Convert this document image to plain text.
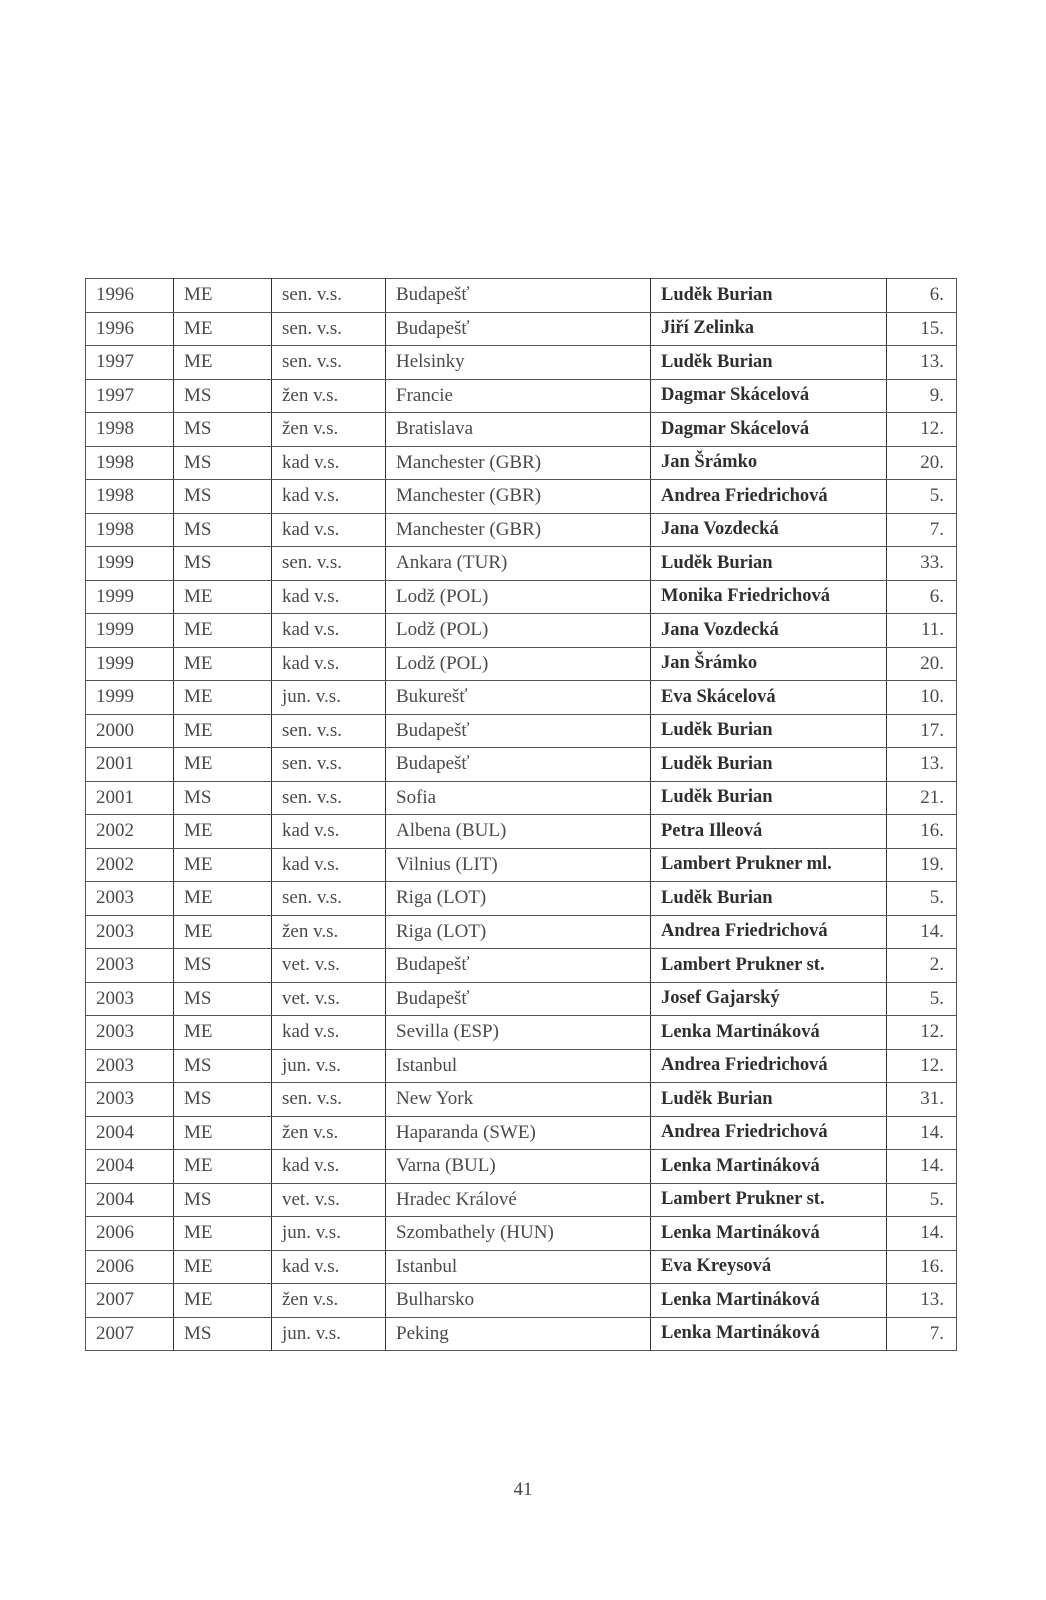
1996	ME	sen. v.s.	Budapešť	Luděk Burian	6.
1996	ME	sen. v.s.	Budapešť	Jiří Zelinka	15.
1997	ME	sen. v.s.	Helsinky	Luděk Burian	13.
1997	MS	žen v.s.	Francie	Dagmar Skácelová	9.
1998	MS	žen v.s.	Bratislava	Dagmar Skácelová	12.
1998	MS	kad v.s.	Manchester (GBR)	Jan Šrámko	20.
1998	MS	kad v.s.	Manchester (GBR)	Andrea Friedrichová	5.
1998	MS	kad v.s.	Manchester (GBR)	Jana Vozdecká	7.
1999	MS	sen. v.s.	Ankara (TUR)	Luděk Burian	33.
1999	ME	kad v.s.	Lodž (POL)	Monika Friedrichová	6.
1999	ME	kad v.s.	Lodž (POL)	Jana Vozdecká	11.
1999	ME	kad v.s.	Lodž (POL)	Jan Šrámko	20.
1999	ME	jun. v.s.	Bukurešť	Eva Skácelová	10.
2000	ME	sen. v.s.	Budapešť	Luděk Burian	17.
2001	ME	sen. v.s.	Budapešť	Luděk Burian	13.
2001	MS	sen. v.s.	Sofia	Luděk Burian	21.
2002	ME	kad v.s.	Albena (BUL)	Petra Illeová	16.
2002	ME	kad v.s.	Vilnius (LIT)	Lambert Prukner ml.	19.
2003	ME	sen. v.s.	Riga (LOT)	Luděk Burian	5.
2003	ME	žen v.s.	Riga (LOT)	Andrea Friedrichová	14.
2003	MS	vet. v.s.	Budapešť	Lambert Prukner st.	2.
2003	MS	vet. v.s.	Budapešť	Josef Gajarský	5.
2003	ME	kad v.s.	Sevilla (ESP)	Lenka Martináková	12.
2003	MS	jun. v.s.	Istanbul	Andrea Friedrichová	12.
2003	MS	sen. v.s.	New York	Luděk Burian	31.
2004	ME	žen v.s.	Haparanda (SWE)	Andrea Friedrichová	14.
2004	ME	kad v.s.	Varna (BUL)	Lenka Martináková	14.
2004	MS	vet. v.s.	Hradec Králové	Lambert Prukner st.	5.
2006	ME	jun. v.s.	Szombathely (HUN)	Lenka Martináková	14.
2006	ME	kad v.s.	Istanbul	Eva Kreysová	16.
2007	ME	žen v.s.	Bulharsko	Lenka Martináková	13.
2007	MS	jun. v.s.	Peking	Lenka Martináková	7.
41
